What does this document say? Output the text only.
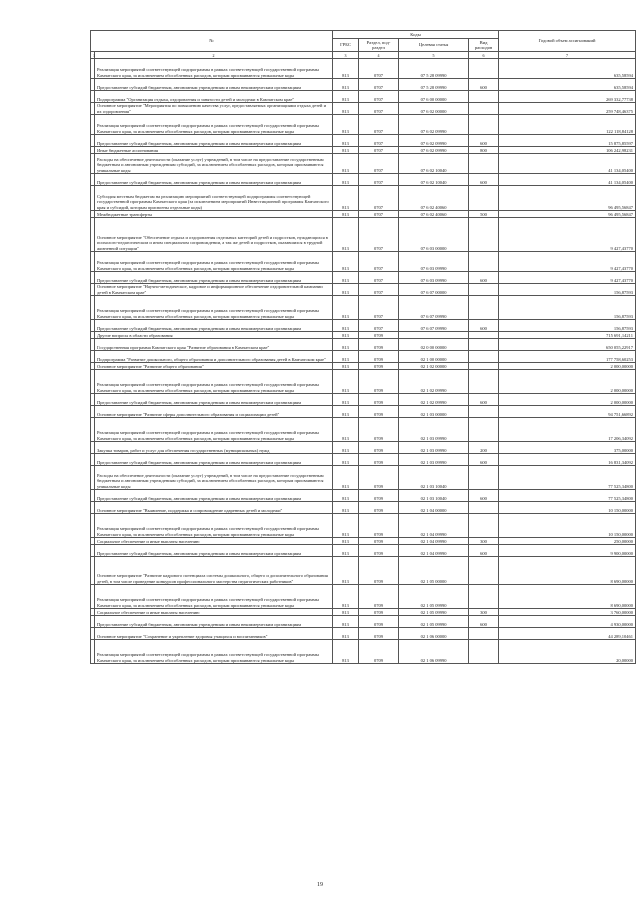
№		Коды				Годовой объем ассигнований
		ГРБС	Раздел, под-раздел	Целевая статья	Вид расходов	
1	2	3	4	5	6	7
	Реализация мероприятий соответствующей подпрограммы в рамках соответствующей государственной программы Камчатского края, за исключением обособленных расходов, которым присваиваются уникальные коды	813	0707	07 5 28 09990		635,58594
	Предоставление субсидий бюджетным, автономным учреждениям и иным некоммерческим организациям	813	0707	07 5 28 09990	600	635,58594
	Подпрограмма "Организация отдыха, оздоровления и занятости детей и молодежи в Камчатском крае"	813	0707	07 6 00 00000		269 332,77738
	Основное мероприятие "Мероприятия по повышению качества услуг, предоставляемых организациями отдыха детей и их оздоровления"	813	0707	07 6 02 00000		259 748,46375
	Реализация мероприятий соответствующей подпрограммы в рамках соответствующей государственной программы Камчатского края, за исключением обособленных расходов, которым присваиваются уникальные коды	813	0707	07 6 02 09990		122 118,84128
	Предоставление субсидий бюджетным, автономным учреждениям и иным некоммерческим организациям	813	0707	07 6 02 09990	600	15 875,85597
	Иные бюджетные ассигнования	813	0707	07 6 02 09990	800	106 242,98231
	Расходы на обеспечение деятельности (оказание услуг) учреждений, в том числе на предоставление государственным бюджетным и автономным учреждениям субсидий, за исключением обособленных расходов, которым присваиваются уникальные коды	813	0707	07 6 02 10040		41 134,05400
	Предоставление субсидий бюджетным, автономным учреждениям и иным некоммерческим организациям	813	0707	07 6 02 10040	600	41 134,05400
	Субсидия местным бюджетам на реализацию мероприятий соответствующей подпрограммы соответствующей государственной программы Камчатского края (за исключением мероприятий Инвестиционной программы Камчатского края и субсидий, которым присвоены отдельные коды)	813	0707	07 6 02 40060		96 495,56847
	Межбюджетные трансферты	813	0707	07 6 02 40060	500	96 495,56847
	Основное мероприятие "Обеспечение отдыха и оздоровления отдельных категорий детей и подростков, нуждающихся в психолого-педагогическом и ином специальном сопровождении, а так же детей и подростков, оказавшихся в трудной жизненной ситуации"	813	0707	07 6 03 00000		9 427,43770
	Реализация мероприятий соответствующей подпрограммы в рамках соответствующей государственной программы Камчатского края, за исключением обособленных расходов, которым присваиваются уникальные коды	813	0707	07 6 03 09990		9 427,43770
	Предоставление субсидий бюджетным, автономным учреждениям и иным некоммерческим организациям	813	0707	07 6 03 09990	600	9 427,43770
	Основное мероприятие "Научно-методическое, кадровое и информационное обеспечение оздоровительной кампании детей в Камчатском крае"	813	0707	07 6 07 00000		156,87593
	Реализация мероприятий соответствующей подпрограммы в рамках соответствующей государственной программы Камчатского края, за исключением обособленных расходов, которым присваиваются уникальные коды	813	0707	07 6 07 09990		156,87593
	Предоставление субсидий бюджетным, автономным учреждениям и иным некоммерческим организациям	813	0707	07 6 07 09990	600	156,87593
	Другие вопросы в области образования	813	0709			715 691,14211
	Государственная программа Камчатского края "Развитие образования в Камчатском крае"	813	0709	02 0 00 00000		650 055,22917
	Подпрограмма "Развитие дошкольного, общего образования и дополнительного образования детей в Камчатском крае"	813	0709	02 1 00 00000		177 758,60253
	Основное мероприятие "Развитие общего образования"	813	0709	02 1 02 00000		2 000,00000
	Реализация мероприятий соответствующей подпрограммы в рамках соответствующей государственной программы Камчатского края, за исключением обособленных расходов, которым присваиваются уникальные коды	813	0709	02 1 02 09990		2 000,00000
	Предоставление субсидий бюджетным, автономным учреждениям и иным некоммерческим организациям	813	0709	02 1 02 09990	600	2 000,00000
	Основное мероприятие "Развитие сферы дополнительного образования и социализации детей"	813	0709	02 1 03 00000		94 751,66892
	Реализация мероприятий соответствующей подпрограммы в рамках соответствующей государственной программы Камчатского края, за исключением обособленных расходов, которым присваиваются уникальные коды	813	0709	02 1 03 09990		17 206,34092
	Закупка товаров, работ и услуг для обеспечения государственных (муниципальных) нужд	813	0709	02 1 03 09990	200	375,00000
	Предоставление субсидий бюджетным, автономным учреждениям и иным некоммерческим организациям	813	0709	02 1 03 09990	600	16 831,34092
	Расходы на обеспечение деятельности (оказание услуг) учреждений, в том числе на предоставление государственным бюджетным и автономным учреждениям субсидий, за исключением обособленных расходов, которым присваиваются уникальные коды	813	0709	02 1 03 10040		77 525,34800
	Предоставление субсидий бюджетным, автономным учреждениям и иным некоммерческим организациям	813	0709	02 1 03 10040	600	77 525,34800
	Основное мероприятие "Выявление, поддержка и сопровождение одаренных детей и молодежи"	813	0709	02 1 04 00000		10 150,00000
	Реализация мероприятий соответствующей подпрограммы в рамках соответствующей государственной программы Камчатского края, за исключением обособленных расходов, которым присваиваются уникальные коды	813	0709	02 1 04 09990		10 150,00000
	Социальное обеспечение и иные выплаты населению	813	0709	02 1 04 09990	300	250,00000
	Предоставление субсидий бюджетным, автономным учреждениям и иным некоммерческим организациям	813	0709	02 1 04 09990	600	9 900,00000
	Основное мероприятие "Развитие кадрового потенциала системы дошкольного, общего и дополнительного образования детей, в том числе проведение конкурсов профессионального мастерства педагогических работников"	813	0709	02 1 05 00000		8 690,00000
	Реализация мероприятий соответствующей подпрограммы в рамках соответствующей государственной программы Камчатского края, за исключением обособленных расходов, которым присваиваются уникальные коды	813	0709	02 1 05 09990		8 690,00000
	Социальное обеспечение и иные выплаты населению	813	0709	02 1 05 09990	300	3 760,00000
	Предоставление субсидий бюджетным, автономным учреждениям и иным некоммерческим организациям	813	0709	02 1 05 09990	600	4 930,00000
	Основное мероприятие "Сохранение и укрепление здоровья учащихся и воспитанников"	813	0709	02 1 06 00000		44 289,10461
	Реализация мероприятий соответствующей подпрограммы в рамках соответствующей государственной программы Камчатского края, за исключением обособленных расходов, которым присваиваются уникальные коды	813	0709	02 1 06 09990		20,00000
19
